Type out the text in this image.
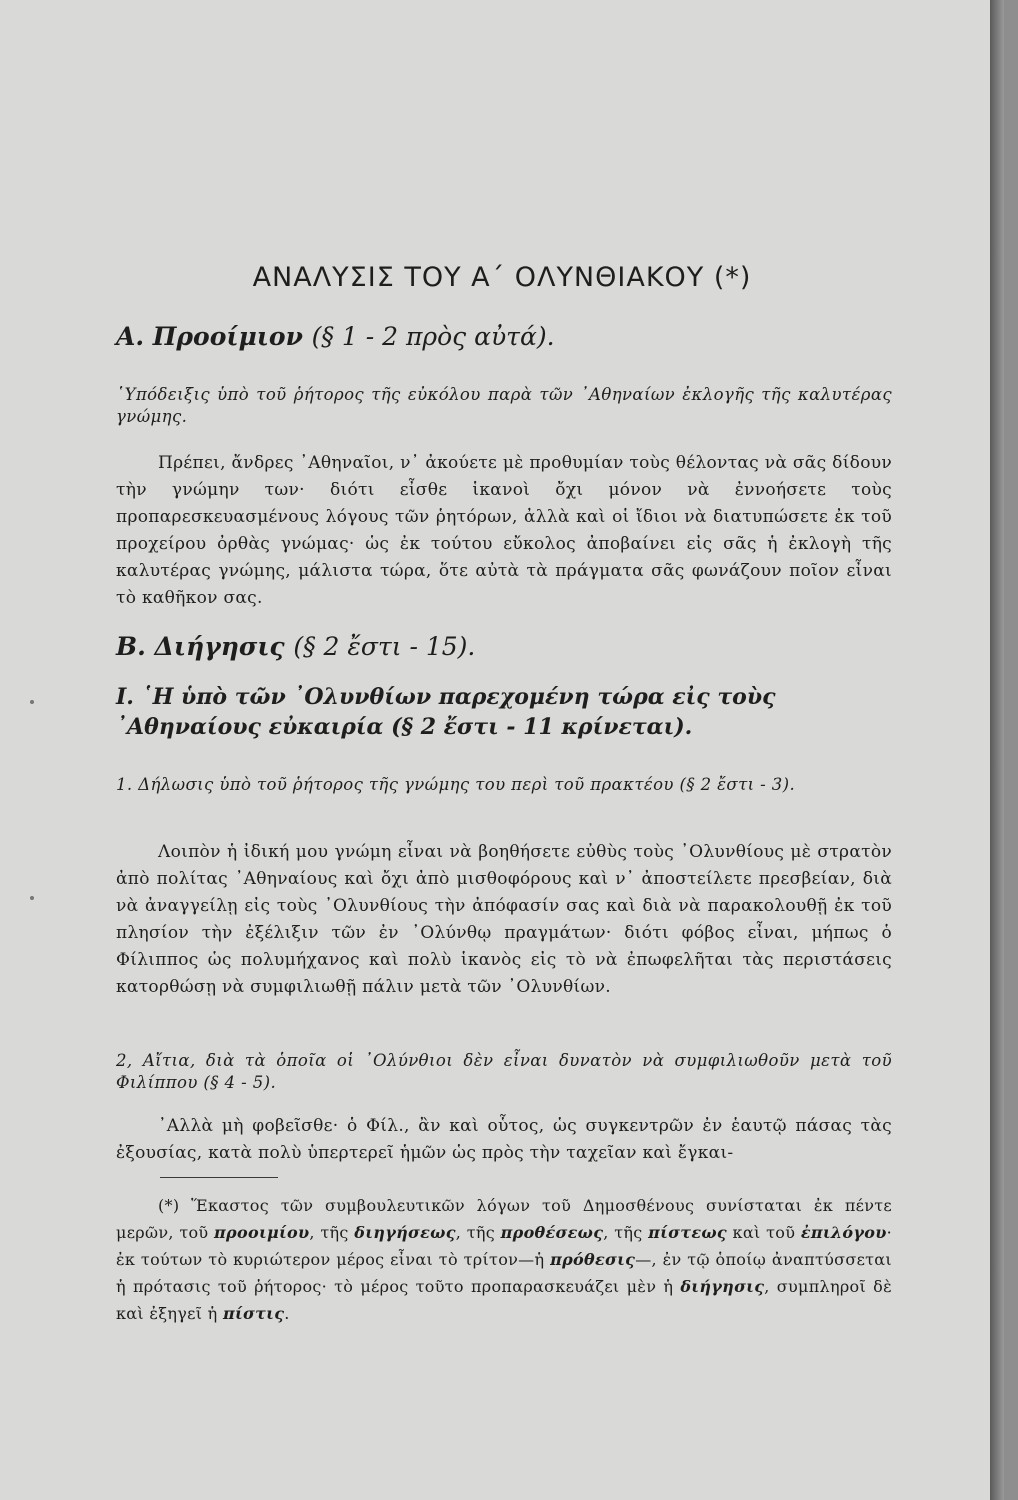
ΑΝΑΛΥΣΙΣ ΤΟΥ Α΄ ΟΛΥΝΘΙΑΚΟΥ (*)
Α. Προοίμιον (§ 1 - 2 πρὸς αὐτά).
῾Υπόδειξις ὑπὸ τοῦ ῥήτορος τῆς εὐκόλου παρὰ τῶν ᾿Αθηναίων ἐκλογῆς τῆς καλυτέρας γνώμης.
Πρέπει, ἄνδρες ᾿Αθηναῖοι, ν᾿ ἀκούετε μὲ προθυμίαν τοὺς θέλοντας νὰ σᾶς δίδουν τὴν γνώμην των· διότι εἶσθε ἱκανοὶ ὄχι μόνον νὰ ἐννοήσετε τοὺς προπαρεσκευασμένους λόγους τῶν ῥητόρων, ἀλλὰ καὶ οἱ ἴδιοι νὰ διατυπώσετε ἐκ τοῦ προχείρου ὀρθὰς γνώμας· ὡς ἐκ τούτου εὔκολος ἀποβαίνει εἰς σᾶς ἡ ἐκλογὴ τῆς καλυτέρας γνώμης, μάλιστα τώρα, ὅτε αὐτὰ τὰ πράγματα σᾶς φωνάζουν ποῖον εἶναι τὸ καθῆκον σας.
Β. Διήγησις (§ 2 ἔστι - 15).
Ι. ῾Η ὑπὸ τῶν ᾿Ολυνθίων παρεχομένη τώρα εἰς τοὺς ᾿Αθηναίους εὐκαιρία (§ 2 ἔστι - 11 κρίνεται).
1. Δήλωσις ὑπὸ τοῦ ῥήτορος τῆς γνώμης του περὶ τοῦ πρακτέου (§ 2 ἔστι - 3).
Λοιπὸν ἡ ἰδική μου γνώμη εἶναι νὰ βοηθήσετε εὐθὺς τοὺς ᾿Ολυνθίους μὲ στρατὸν ἀπὸ πολίτας ᾿Αθηναίους καὶ ὄχι ἀπὸ μισθοφόρους καὶ ν᾿ ἀποστείλετε πρεσβείαν, διὰ νὰ ἀναγγείλῃ εἰς τοὺς ᾿Ολυνθίους τὴν ἀπόφασίν σας καὶ διὰ νὰ παρακολουθῇ ἐκ τοῦ πλησίον τὴν ἐξέλιξιν τῶν ἐν ᾿Ολύνθῳ πραγμάτων· διότι φόβος εἶναι, μήπως ὁ Φίλιππος ὡς πολυμήχανος καὶ πολὺ ἱκανὸς εἰς τὸ νὰ ἐπωφελῆται τὰς περιστάσεις κατορθώσῃ νὰ συμφιλιωθῇ πάλιν μετὰ τῶν ᾿Ολυνθίων.
2, Αἴτια, διὰ τὰ ὁποῖα οἱ ᾿Ολύνθιοι δὲν εἶναι δυνατὸν νὰ συμφιλιωθοῦν μετὰ τοῦ Φιλίππου (§ 4 - 5).
᾿Αλλὰ μὴ φοβεῖσθε· ὁ Φίλ., ἂν καὶ οὗτος, ὡς συγκεντρῶν ἐν ἑαυτῷ πάσας τὰς ἐξουσίας, κατὰ πολὺ ὑπερτερεῖ ἡμῶν ὡς πρὸς τὴν ταχεῖαν καὶ ἔγκαι-
(*) Ἕκαστος τῶν συμβουλευτικῶν λόγων τοῦ Δημοσθένους συνίσταται ἐκ πέντε μερῶν, τοῦ προοιμίου, τῆς διηγήσεως, τῆς προθέσεως, τῆς πίστεως καὶ τοῦ ἐπιλόγου· ἐκ τούτων τὸ κυριώτερον μέρος εἶναι τὸ τρίτον—ἡ πρόθεσις—, ἐν τῷ ὁποίῳ ἀναπτύσσεται ἡ πρότασις τοῦ ῥήτορος· τὸ μέρος τοῦτο προπαρασκευάζει μὲν ἡ διήγησις, συμπληροῖ δὲ καὶ ἐξηγεῖ ἡ πίστις.
